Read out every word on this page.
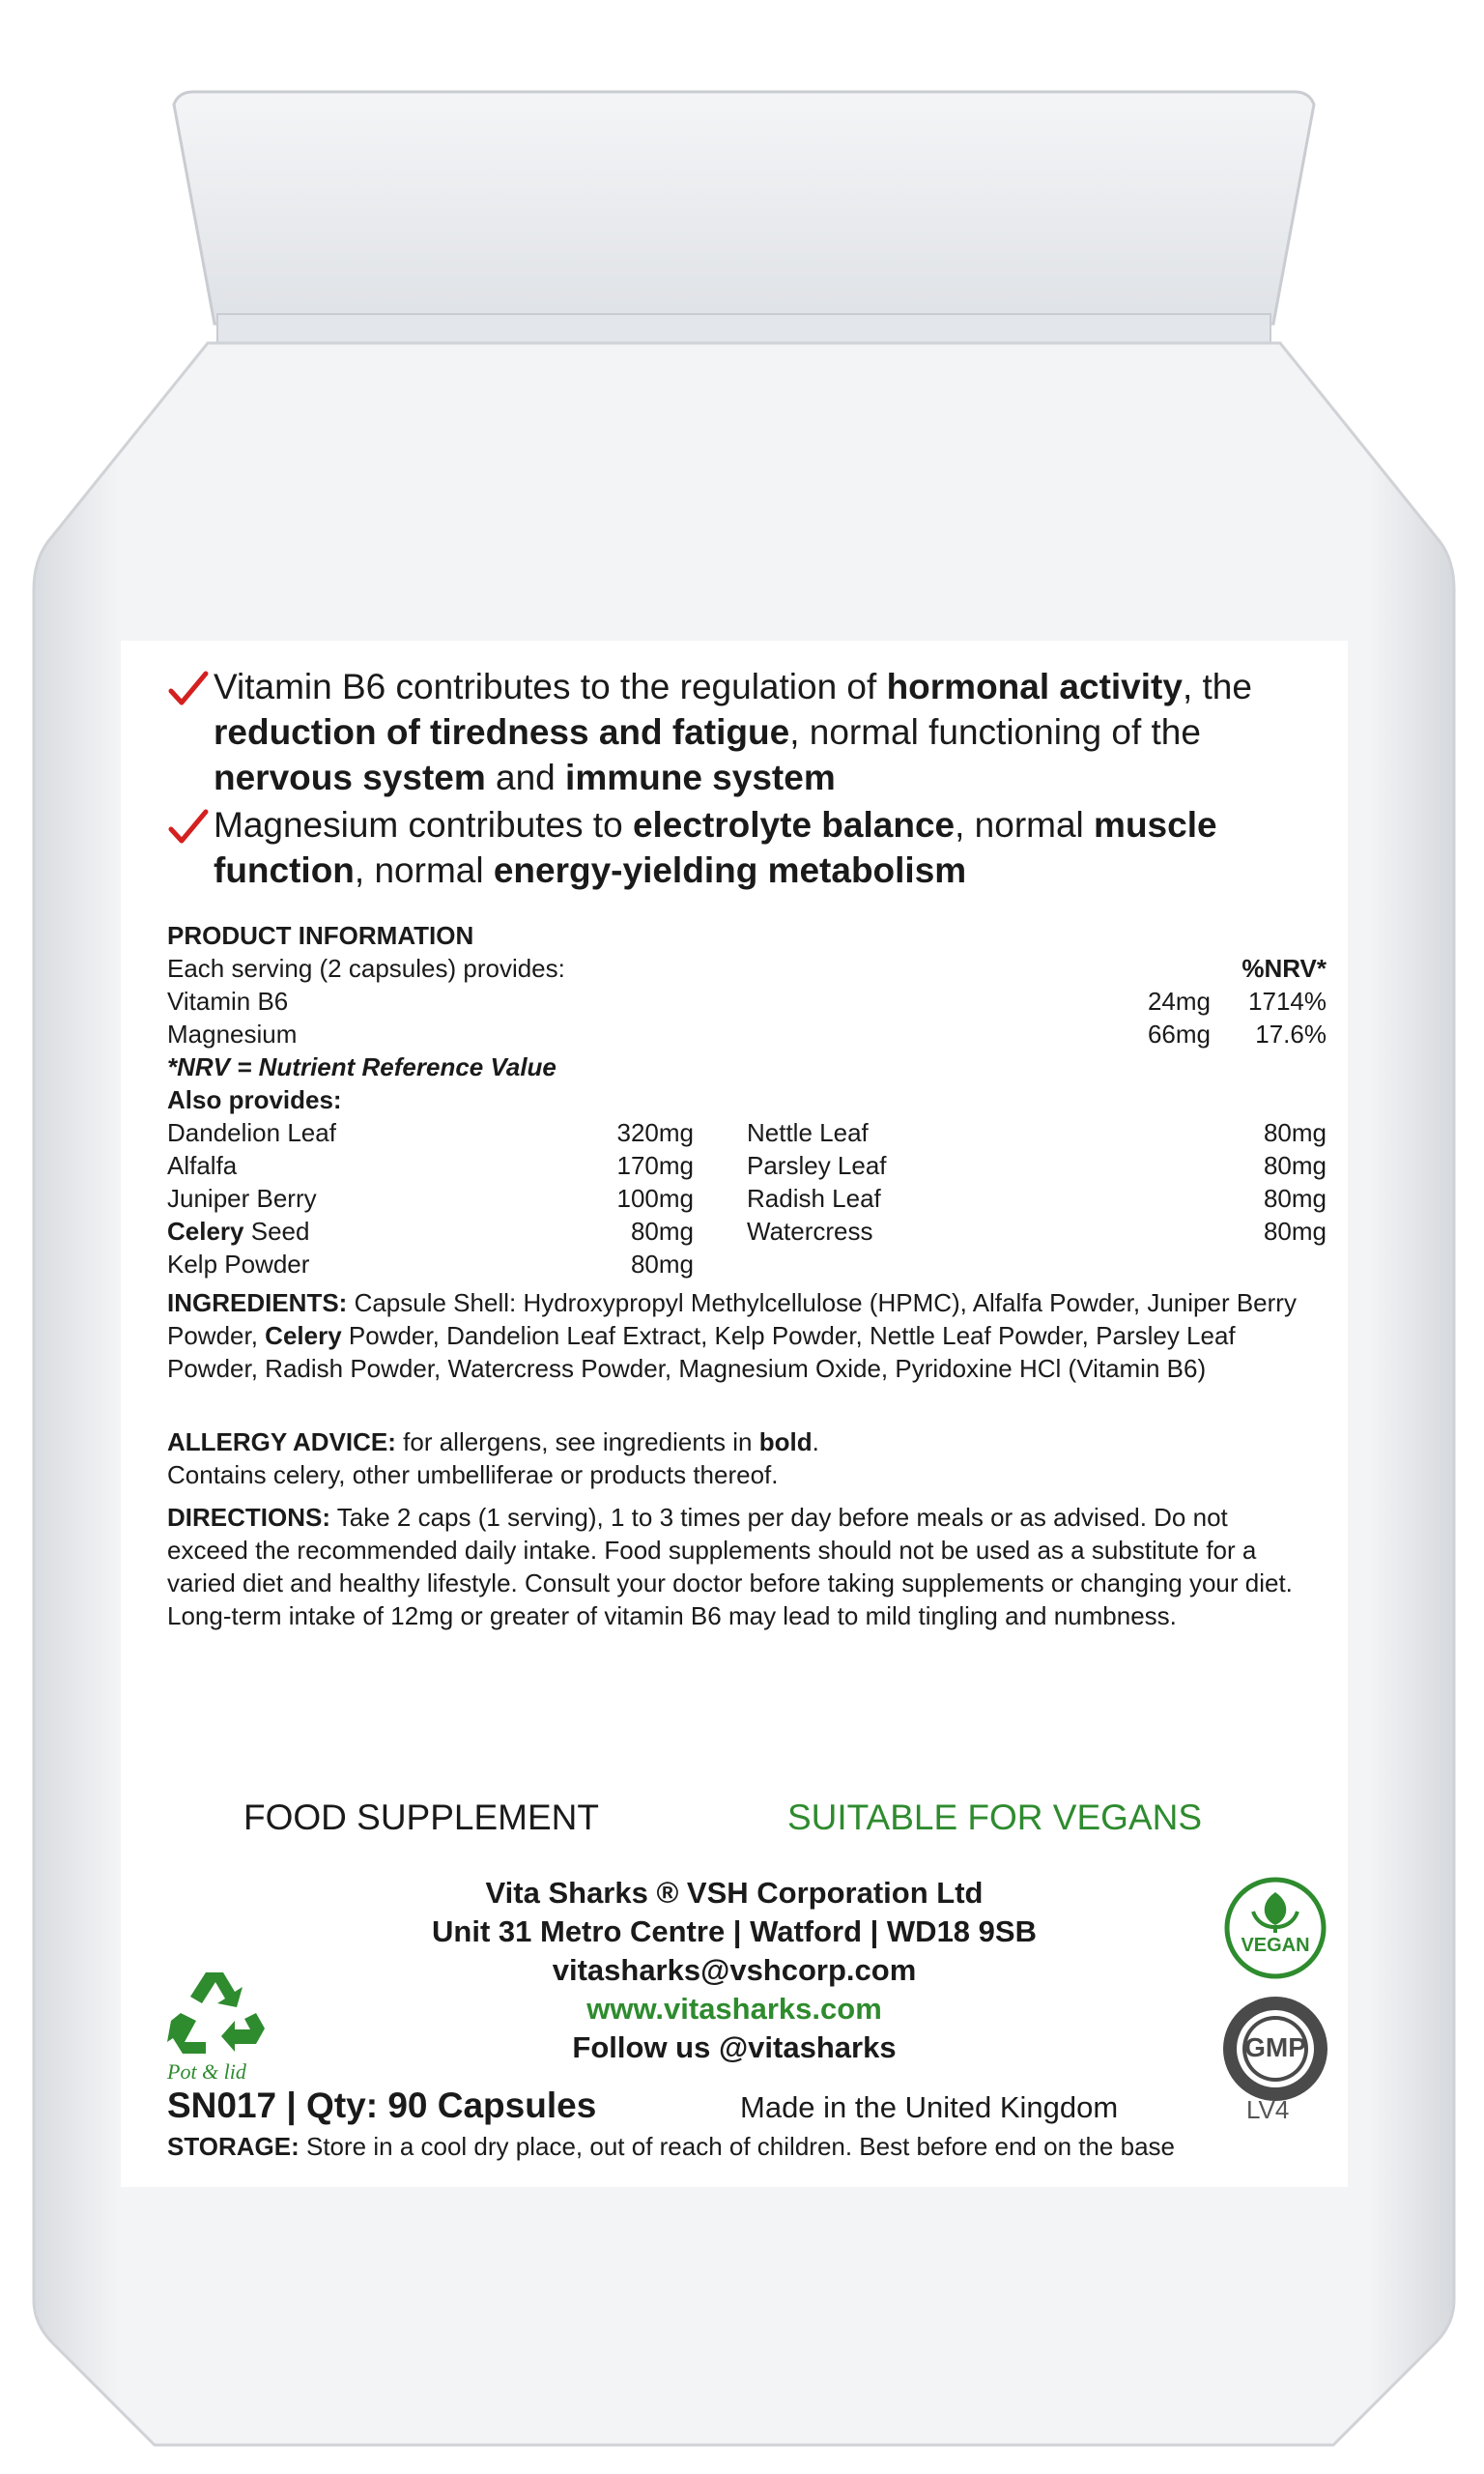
Vitamin B6 contributes to the regulation of hormonal activity, the reduction of tiredness and fatigue, normal functioning of the nervous system and immune system
Magnesium contributes to electrolyte balance, normal muscle function, normal energy-yielding metabolism
PRODUCT INFORMATION
Each serving (2 capsules) provides:	%NRV*
Vitamin B6	24mg 1714%
Magnesium	66mg 17.6%
*NRV = Nutrient Reference Value
Also provides:
Dandelion Leaf	320mg Nettle Leaf	80mg
Alfalfa	170mg Parsley Leaf	80mg
Juniper Berry	100mg Radish Leaf	80mg
Celery Seed	80mg Watercress	80mg
Kelp Powder	80mg

INGREDIENTS: Capsule Shell: Hydroxypropyl Methylcellulose (HPMC), Alfalfa Powder, Juniper Berry Powder, Celery Powder, Dandelion Leaf Extract, Kelp Powder, Nettle Leaf Powder, Parsley Leaf Powder, Radish Powder, Watercress Powder, Magnesium Oxide, Pyridoxine HCl (Vitamin B6)

ALLERGY ADVICE: for allergens, see ingredients in bold.

Contains celery, other umbelliferae or products thereof.

DIRECTIONS: Take 2 caps (1 serving), 1 to 3 times per day before meals or as advised. Do not exceed the recommended daily intake. Food supplements should not be used as a substitute for a varied diet and healthy lifestyle. Consult your doctor before taking supplements or changing your diet.

Long-term intake of 12mg or greater of vitamin B6 may lead to mild tingling and numbness.

FOOD SUPPLEMENT	SUITABLE FOR VEGANS
Vita Sharks ® VSH Corporation Ltd
Unit 31 Metro Centre | Watford | WD18 9SB
vitasharks@vshcorp.com
www.vitasharks.com
Follow us @vitasharks
Pot & lid
VEGAN
GMP
SN017 | Qty: 90 Capsules	Made in the United Kingdom	LV4
STORAGE: Store in a cool dry place, out of reach of children. Best before end on the base
